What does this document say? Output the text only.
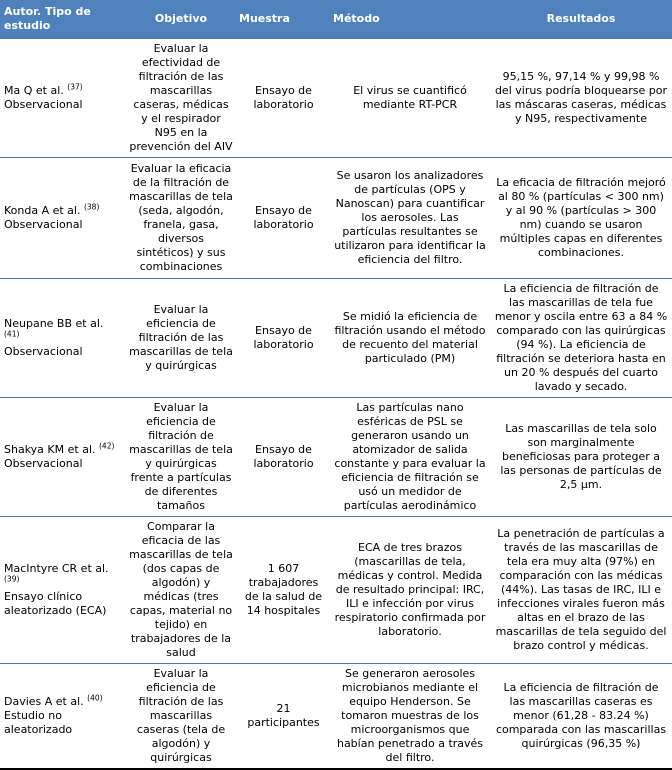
Autor. Tipo de estudio	Objetivo	Muestra	Método	Resultados
Ma Q et al. $^{(37)}$
Observacional	Evaluar la efectividad de filtración de las mascarillas caseras, médicas y el respirador N95 en la prevención del AIV	Ensayo de laboratorio	El virus se cuantificó mediante RT-PCR	95,15 %, 97,14 % y 99,98 % del virus podría bloquearse por las máscaras caseras, médicas y N95, respectivamente
Konda A et al. $^{(38)}$
Observacional	Evaluar la eficacia de la filtración de mascarillas de tela (seda, algodón, franela, gasa, diversos sintéticos) y sus combinaciones	Ensayo de laboratorio	Se usaron los analizadores de partículas (OPS y Nanoscan) para cuantificar los aerosoles. Las partículas resultantes se utilizaron para identificar la eficiencia del filtro.	La eficacia de filtración mejoró al 80 % (partículas < 300 nm) y al 90 % (partículas > 300 nm) cuando se usaron múltiples capas en diferentes combinaciones.
Neupane BB et al. $^{(41)}$
Observacional	Evaluar la eficiencia de filtración de las mascarillas de tela y quirúrgicas	Ensayo de laboratorio	Se midió la eficiencia de filtración usando el método de recuento del material particulado (PM)	La eficiencia de filtración de las mascarillas de tela fue menor y oscila entre 63 a 84 % comparado con las quirúrgicas (94 %). La eficiencia de filtración se deteriora hasta en un 20 % después del cuarto lavado y secado.
Shakya KM et al. $^{(42)}$
Observacional	Evaluar la eficiencia de filtración de mascarillas de tela y quirúrgicas frente a partículas de diferentes tamaños	Ensayo de laboratorio	Las partículas nano esféricas de PSL se generaron usando un atomizador de salida constante y para evaluar la eficiencia de filtración se usó un medidor de partículas aerodinámico	Las mascarillas de tela solo son marginalmente beneficiosas para proteger a las personas de partículas de 2,5 μm.
MacIntyre CR et al. $^{(39)}$
Ensayo clínico aleatorizado (ECA)	Comparar la eficacia de las mascarillas de tela (dos capas de algodón) y médicas (tres capas, material no tejido) en trabajadores de la salud	1 607 trabajadores de la salud de 14 hospitales	ECA de tres brazos (mascarillas de tela, médicas y control. Medida de resultado principal: IRC, ILI e infección por virus respiratorio confirmada por laboratorio.	La penetración de partículas a través de las mascarillas de tela era muy alta (97%) en comparación con las médicas (44%). Las tasas de IRC, ILI e infecciones virales fueron más altas en el brazo de las mascarillas de tela seguido del brazo control y médicas.
Davies A et al. $^{(40)}$
Estudio no aleatorizado	Evaluar la eficiencia de filtración de las mascarillas caseras (tela de algodón) y quirúrgicas	21 participantes	Se generaron aerosoles microbianos mediante el equipo Henderson. Se tomaron muestras de los microorganismos que habían penetrado a través del filtro.	La eficiencia de filtración de las mascarillas caseras es menor (61,28 - 83.24 %) comparada con las mascarillas quirúrgicas (96,35 %)
